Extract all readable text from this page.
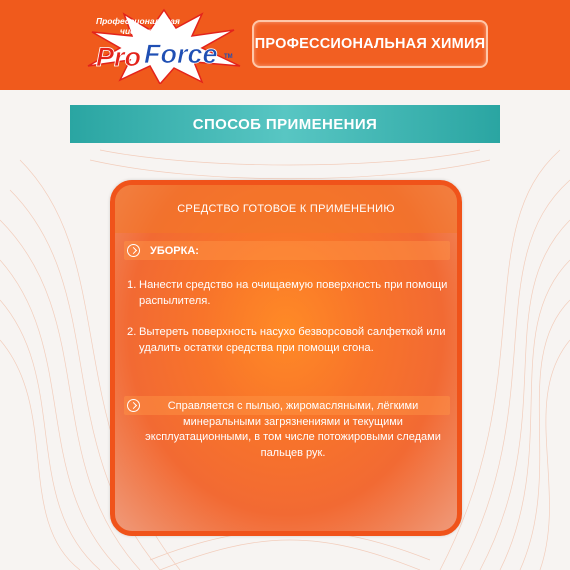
Профессиональная
чистота
Pro Force TM
ПРОФЕССИОНАЛЬНАЯ ХИМИЯ
СПОСОБ ПРИМЕНЕНИЯ
СРЕДСТВО ГОТОВОЕ К ПРИМЕНЕНИЮ
УБОРКА:
1. Нанести средство на очищаемую поверхность при помощи распылителя.
2. Вытереть поверхность насухо безворсовой салфеткой или удалить остатки средства при помощи сгона.
Справляется с пылью, жиромасляными, лёгкими минеральными загрязнениями и текущими эксплуатационными, в том числе потожировыми следами пальцев рук.
